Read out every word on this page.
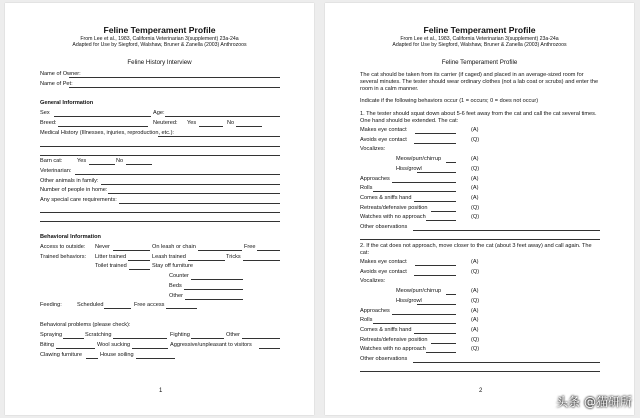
Feline Temperament Profile
From Lee et al., 1983, California Veterinarian 3(supplement) 23a-24a
Adapted for Use by Siegford, Walshaw, Bruner & Zanella (2003) Anthrozoos
Feline History Interview
Name of Owner:
Name of Pet:
General Information
Sex	Age:
Breed:	Neutered: Yes	No
Medical History (Illnesses, injuries, reproduction, etc.):
Barn cat:	Yes	No
Veterinarian:
Other animals in family:
Number of people in home:
Any special care requirements:
Behavioral Information
Access to outside: Never	On leash or chain	Free
Trained behaviors: Litter trained	Leash trained	Tricks
Toilet trained	Stay off furniture
Counter
Beds
Other
Feeding:	Scheduled	Free access
Behavioral problems (please check):
Spraying	Scratching	Fighting	Other
Biting	Wool sucking	Aggressive/unpleasant to visitors
Clawing furniture	House soiling
1
Feline Temperament Profile
From Lee et al., 1983, California Veterinarian 3(supplement) 23a-24a
Adapted for Use by Siegford, Walshaw, Bruner & Zanella (2003) Anthrozoos
Feline Temperament Profile
The cat should be taken from its carrier (if caged) and placed in an average-sized room for several minutes. The tester should wear ordinary clothes (not a lab coat or scrubs) and enter the room in a calm manner.
Indicate if the following behaviors occur (1 = occurs; 0 = does not occur)
1. The tester should squat down about 5-6 feet away from the cat and call the cat several times. One hand should be extended. The cat:
2. If the cat does not approach, move closer to the cat (about 3 feet away) and call again. The cat:
2
Makes eye contact	(A)
Avoids eye contact	(Q)
Vocalizes:
Meow/purr/chirrup	(A)
Hiss/growl	(Q)
Approaches	(A)
Rolls	(A)
Comes & sniffs hand	(A)
Retreats/defensive position	(Q)
Watches with no approach	(Q)
Other observations
Makes eye contact	(A)
Avoids eye contact	(Q)
Vocalizes:
Meow/purr/chirrup	(A)
Hiss/growl	(Q)
Approaches	(A)
Rolls	(A)
Comes & sniffs hand	(A)
Retreats/defensive position	(Q)
Watches with no approach	(Q)
Other observations
头条 @猫研所
